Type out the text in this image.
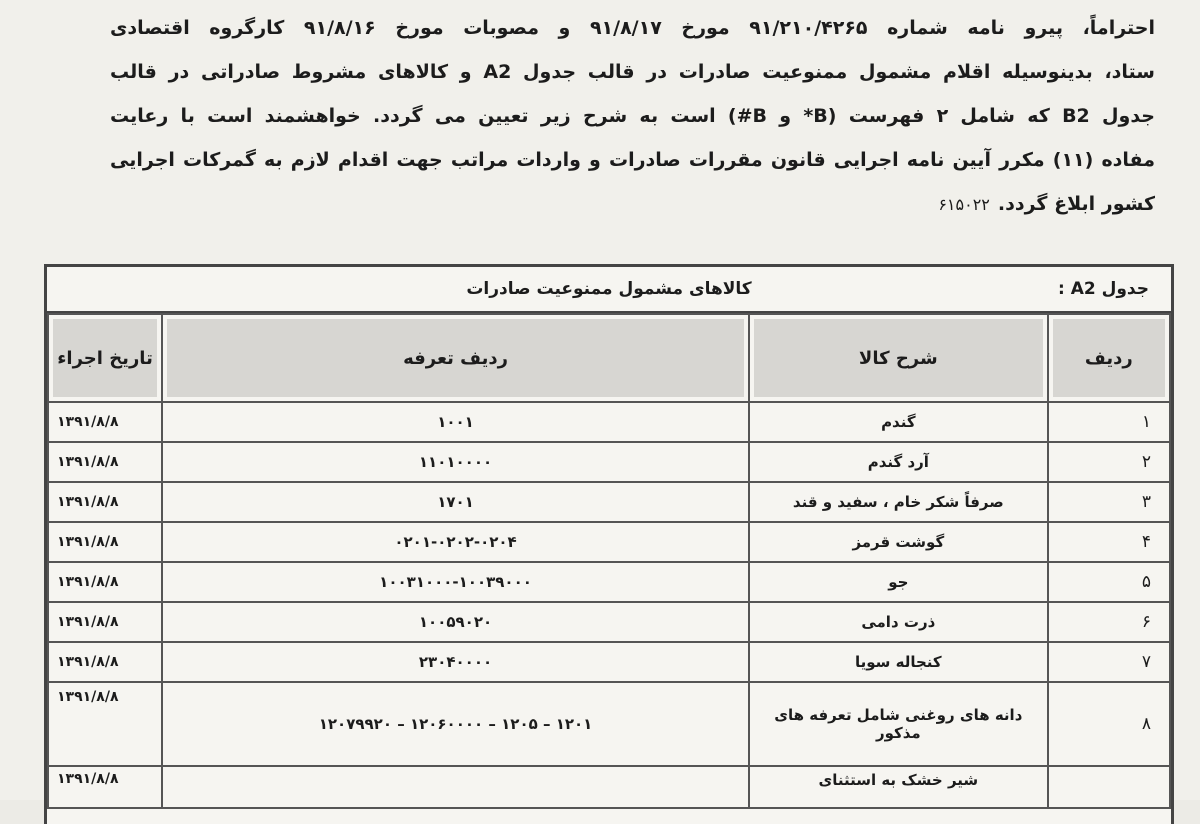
احتراماً، پیرو نامه شماره ۹۱/۲۱۰/۴۲۶۵ مورخ ۹۱/۸/۱۷ و مصوبات مورخ ۹۱/۸/۱۶ کارگروه اقتصادی
ستاد، بدینوسیله اقلام مشمول ممنوعیت صادرات در قالب جدول A2 و کالاهای مشروط صادراتی در قالب
جدول B2 که شامل ۲ فهرست (B* و B#) است به شرح زیر تعیین می گردد. خواهشمند است با رعایت
مفاده (۱۱) مکرر آیین نامه اجرایی قانون مقررات صادرات و واردات مراتب جهت اقدام لازم به گمرکات اجرایی
کشور ابلاغ گردد.۶۱۵۰۲۲
جدول A2 :
کالاهای مشمول ممنوعیت صادرات
ردیف	شرح کالا	ردیف تعرفه	تاریخ اجراء
۱	گندم	۱۰۰۱	۱۳۹۱/۸/۸
۲	آرد گندم	۱۱۰۱۰۰۰۰	۱۳۹۱/۸/۸
۳	صرفاً شکر خام ، سفید و قند	۱۷۰۱	۱۳۹۱/۸/۸
۴	گوشت قرمز	۰۲۰۱-۰۲۰۲-۰۲۰۴	۱۳۹۱/۸/۸
۵	جو	۱۰۰۳۱۰۰۰-۱۰۰۳۹۰۰۰	۱۳۹۱/۸/۸
۶	ذرت دامی	۱۰۰۵۹۰۲۰	۱۳۹۱/۸/۸
۷	کنجاله سویا	۲۳۰۴۰۰۰۰	۱۳۹۱/۸/۸
۸	دانه های روغنی شامل تعرفه های مذکور	۱۲۰۱ – ۱۲۰۵ – ۱۲۰۶۰۰۰۰ – ۱۲۰۷۹۹۲۰	۱۳۹۱/۸/۸
	شیر خشک به استثنای		۱۳۹۱/۸/۸
